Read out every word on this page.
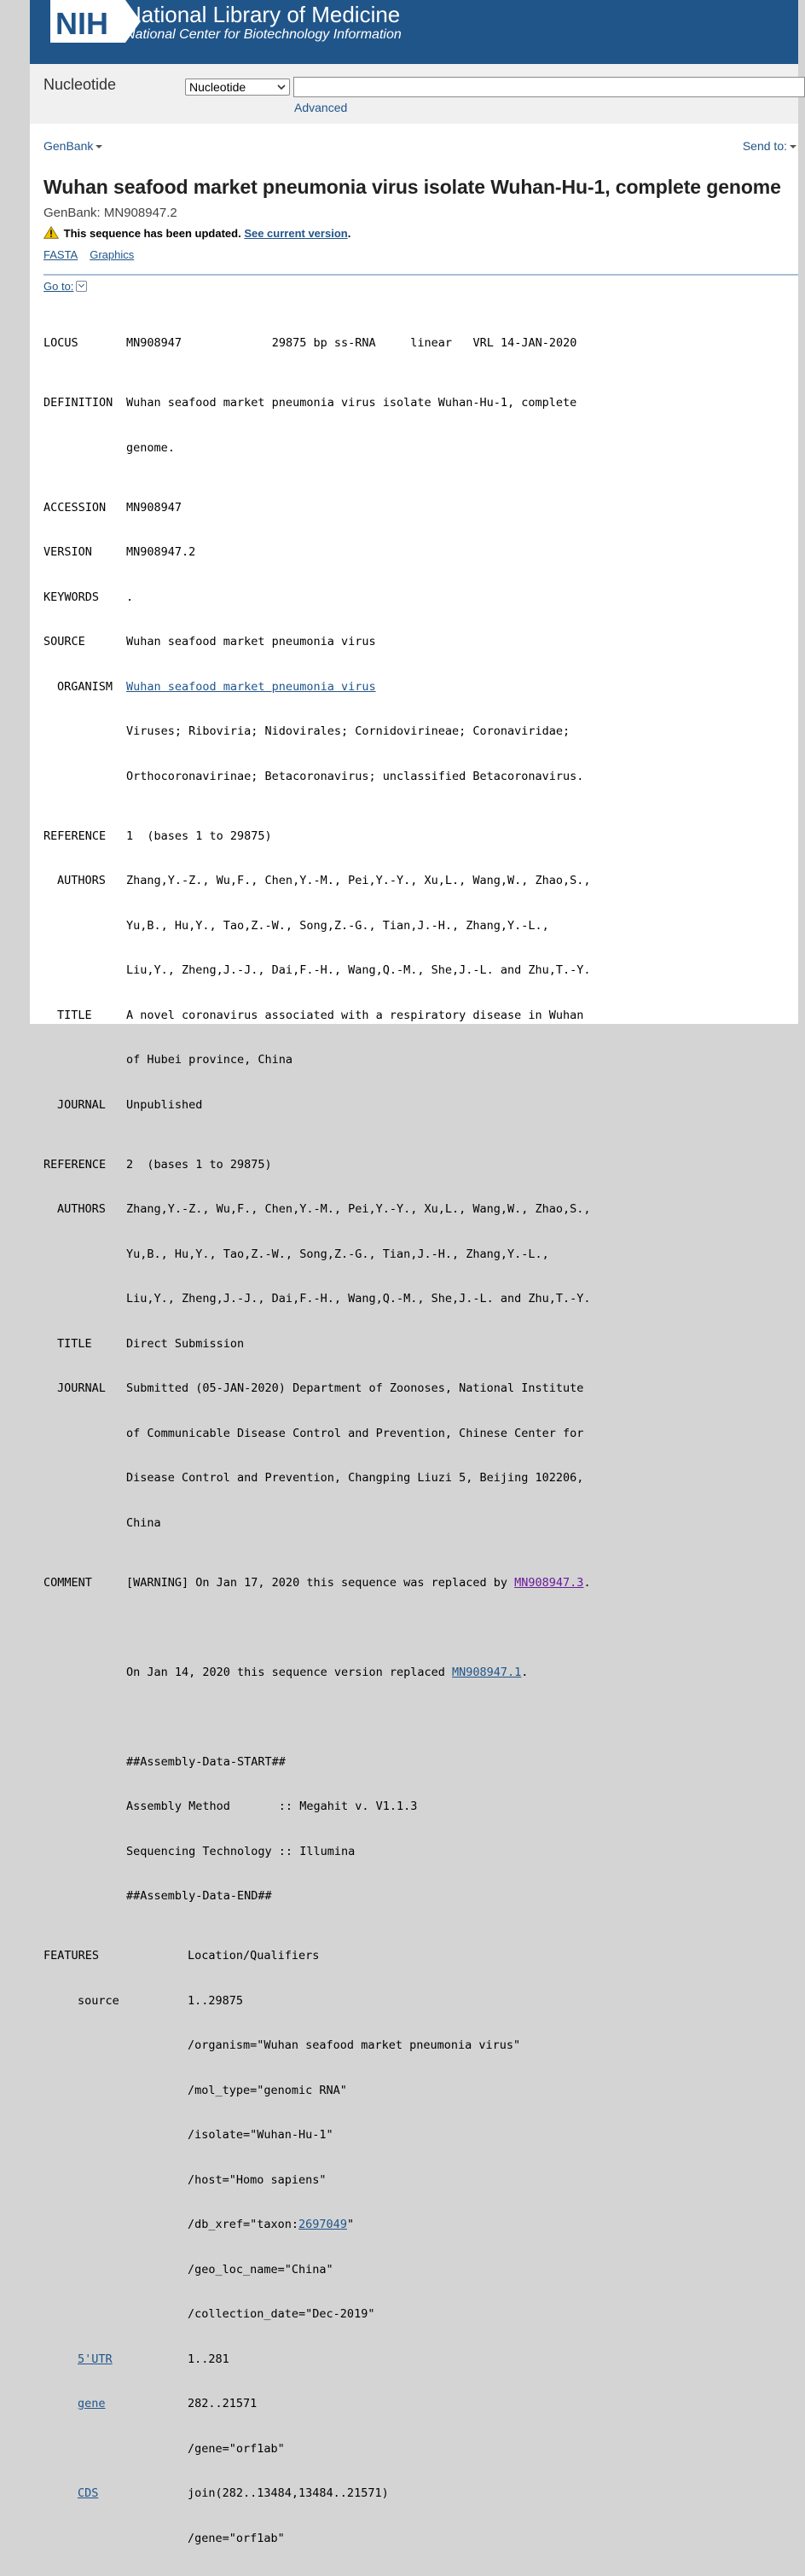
NIH National Library of Medicine
National Center for Biotechnology Information
Nucleotide	Nucleotide
Advanced
GenBank	Send to:
Wuhan seafood market pneumonia virus isolate Wuhan-Hu-1, complete genome
GenBank: MN908947.2
This sequence has been updated. See current version.
FASTA Graphics
Go to:

LOCUS	MN908947	29875 bp ss-RNA	linear VRL 14-JAN-2020

DEFINITION Wuhan seafood market pneumonia virus isolate Wuhan-Hu-1, complete

genome.

ACCESSION MN908947

VERSION	MN908947.2

KEYWORDS .

SOURCE	Wuhan seafood market pneumonia virus

ORGANISM Wuhan seafood market pneumonia virus

Viruses; Riboviria; Nidovirales; Cornidovirineae; Coronaviridae;

Orthocoronavirinae; Betacoronavirus; unclassified Betacoronavirus.

REFERENCE 1  (bases 1 to 29875)

AUTHORS Zhang,Y.-Z., Wu,F., Chen,Y.-M., Pei,Y.-Y., Xu,L., Wang,W., Zhao,S.,

Yu,B., Hu,Y., Tao,Z.-W., Song,Z.-G., Tian,J.-H., Zhang,Y.-L.,

Liu,Y., Zheng,J.-J., Dai,F.-H., Wang,Q.-M., She,J.-L. and Zhu,T.-Y.

TITLE	A novel coronavirus associated with a respiratory disease in Wuhan

of Hubei province, China

JOURNAL Unpublished

REFERENCE 2  (bases 1 to 29875)

AUTHORS Zhang,Y.-Z., Wu,F., Chen,Y.-M., Pei,Y.-Y., Xu,L., Wang,W., Zhao,S.,

Yu,B., Hu,Y., Tao,Z.-W., Song,Z.-G., Tian,J.-H., Zhang,Y.-L.,

Liu,Y., Zheng,J.-J., Dai,F.-H., Wang,Q.-M., She,J.-L. and Zhu,T.-Y.

TITLE	Direct Submission

JOURNAL Submitted (05-JAN-2020) Department of Zoonoses, National Institute

of Communicable Disease Control and Prevention, Chinese Center for

Disease Control and Prevention, Changping Liuzi 5, Beijing 102206,

China

COMMENT	[WARNING] On Jan 17, 2020 this sequence was replaced by MN908947.3.

On Jan 14, 2020 this sequence version replaced MN908947.1.

##Assembly-Data-START##

Assembly Method       :: Megahit v. V1.1.3

Sequencing Technology :: Illumina

##Assembly-Data-END##

FEATURES	Location/Qualifiers

source	1..29875

/organism="Wuhan seafood market pneumonia virus"

/mol_type="genomic RNA"

/isolate="Wuhan-Hu-1"

/host="Homo sapiens"

/db_xref="taxon:2697049"

/geo_loc_name="China"

/collection_date="Dec-2019"

5'UTR	1..281

gene	282..21571

/gene="orf1ab"

CDS	join(282..13484,13484..21571)

/gene="orf1ab"
